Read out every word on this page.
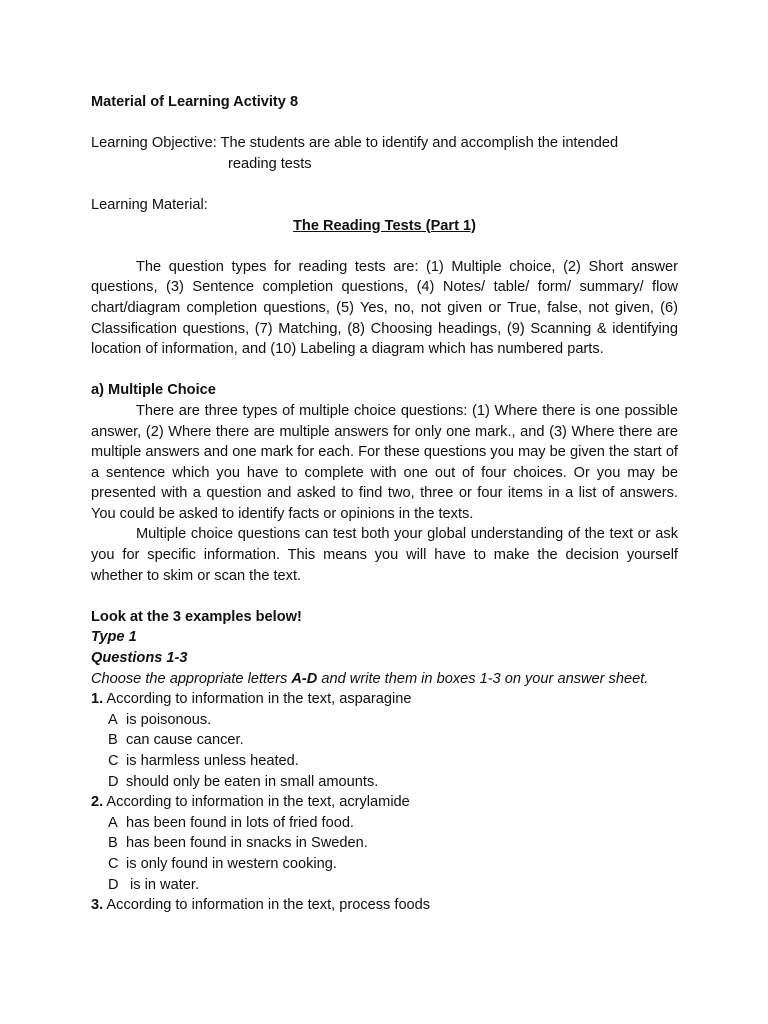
Material of Learning Activity 8
Learning Objective: The students are able to identify and accomplish the intended
reading tests
Learning Material:
The Reading Tests (Part 1)
The question types for reading tests are: (1) Multiple choice, (2) Short answer questions, (3) Sentence completion questions, (4) Notes/ table/ form/ summary/ flow chart/diagram completion questions, (5) Yes, no, not given or True, false, not given, (6) Classification questions, (7) Matching, (8) Choosing headings, (9) Scanning & identifying location of information, and (10) Labeling a diagram which has numbered parts.
a) Multiple Choice
There are three types of multiple choice questions: (1) Where there is one possible answer, (2) Where there are multiple answers for only one mark., and (3) Where there are multiple answers and one mark for each. For these questions you may be given the start of a sentence which you have to complete with one out of four choices. Or you may be presented with a question and asked to find two, three or four items in a list of answers. You could be asked to identify facts or opinions in the texts.
Multiple choice questions can test both your global understanding of the text or ask you for specific information. This means you will have to make the decision yourself whether to skim or scan the text.
Look at the 3 examples below!
Type 1
Questions 1-3
Choose the appropriate letters A-D and write them in boxes 1-3 on your answer sheet.
1. According to information in the text, asparagine
A is poisonous.
B can cause cancer.
C is harmless unless heated.
D should only be eaten in small amounts.
2. According to information in the text, acrylamide
A has been found in lots of fried food.
B has been found in snacks in Sweden.
C is only found in western cooking.
D is in water.
3. According to information in the text, process foods
